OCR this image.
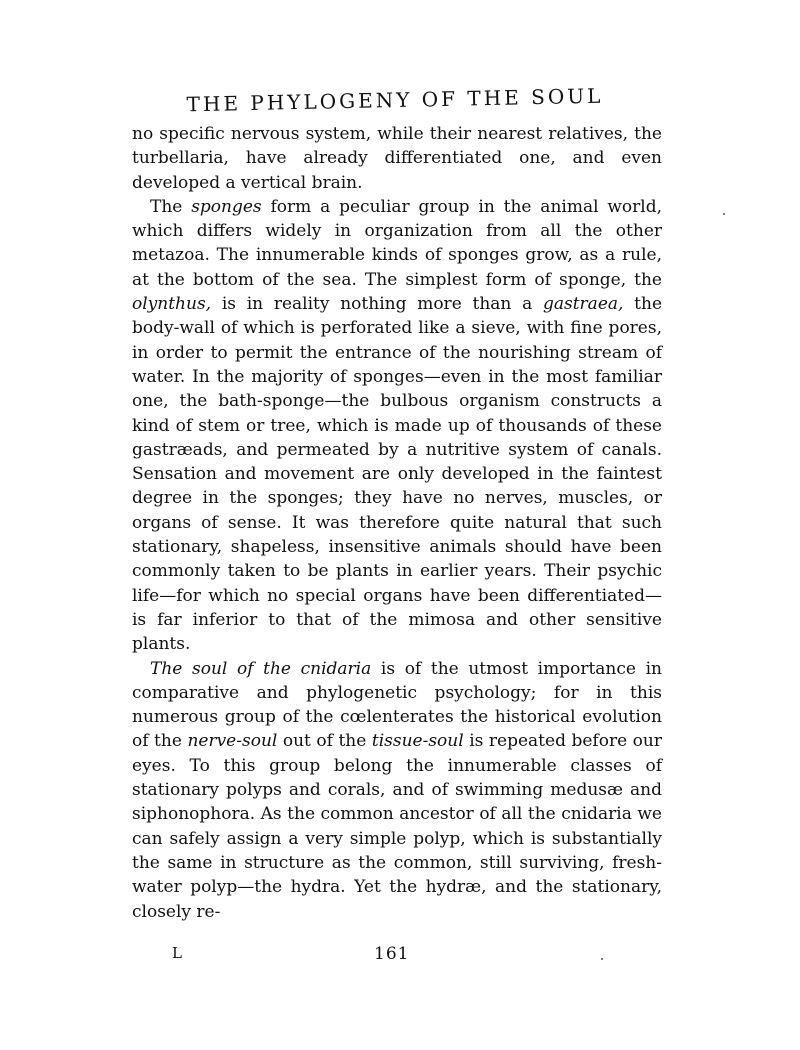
THE PHYLOGENY OF THE SOUL

no specific nervous system, while their nearest relatives, the turbellaria, have already differentiated one, and even developed a vertical brain.

The sponges form a peculiar group in the animal world, which differs widely in organization from all the other metazoa. The innumerable kinds of sponges grow, as a rule, at the bottom of the sea. The simplest form of sponge, the olynthus, is in reality nothing more than a gastraea, the body-wall of which is perforated like a sieve, with fine pores, in order to permit the entrance of the nourishing stream of water. In the majority of sponges—even in the most familiar one, the bath-sponge—the bulbous organism constructs a kind of stem or tree, which is made up of thousands of these gastræads, and permeated by a nutritive system of canals. Sensation and movement are only developed in the faintest degree in the sponges; they have no nerves, muscles, or organs of sense. It was therefore quite natural that such stationary, shapeless, insensitive animals should have been commonly taken to be plants in earlier years. Their psychic life—for which no special organs have been differentiated—is far inferior to that of the mimosa and other sensitive plants.

The soul of the cnidaria is of the utmost importance in comparative and phylogenetic psychology; for in this numerous group of the cœlenterates the historical evolution of the nerve-soul out of the tissue-soul is repeated before our eyes. To this group belong the innumerable classes of stationary polyps and corals, and of swimming medusæ and siphonophora. As the common ancestor of all the cnidaria we can safely assign a very simple polyp, which is substantially the same in structure as the common, still surviving, fresh-water polyp—the hydra. Yet the hydræ, and the stationary, closely re-

L	161
